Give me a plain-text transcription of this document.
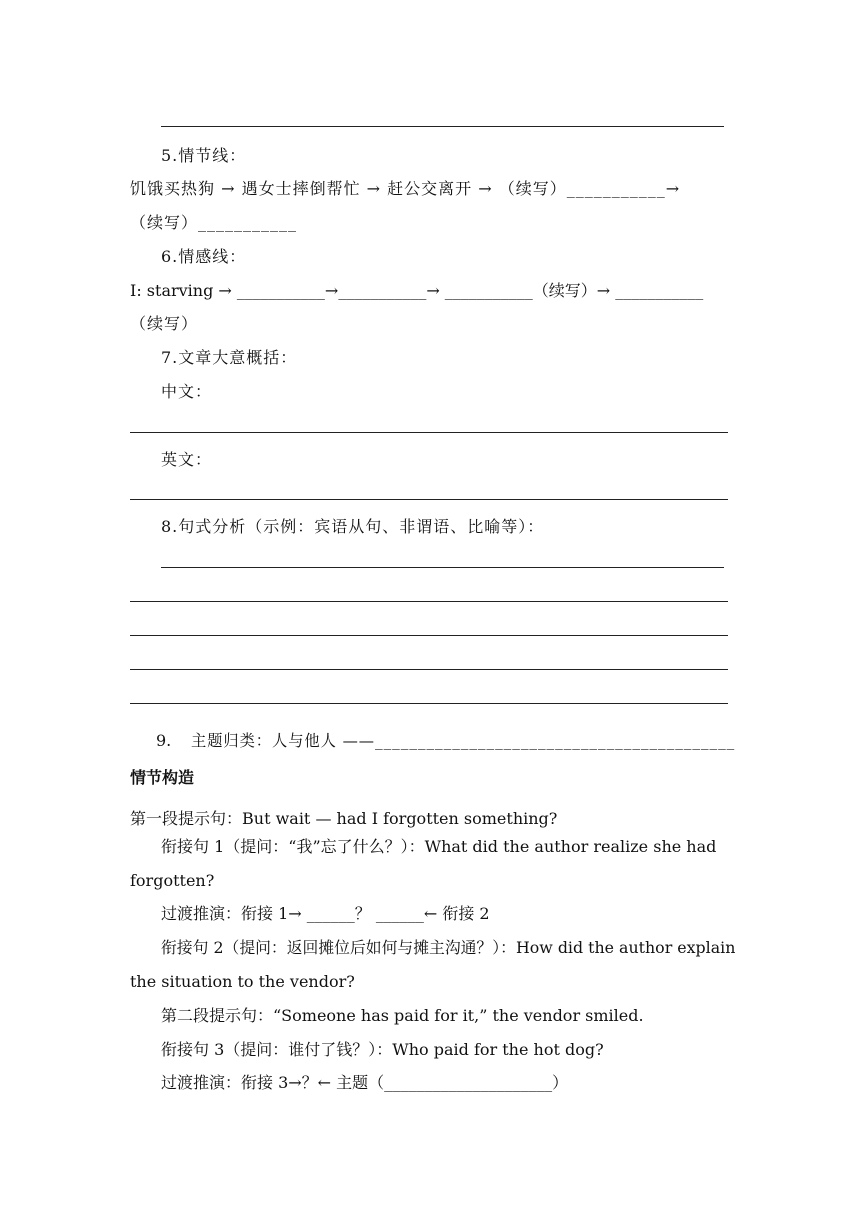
5.情节线：
饥饿买热狗 → 遇女士摔倒帮忙 → 赶公交离开 → （续写）___________→
（续写）___________
6.情感线：
I: starving → ___________→___________→ ___________（续写）→ ___________
（续写）
7.文章大意概括：
中文：
英文：
8.句式分析（示例：宾语从句、非谓语、比喻等）：
9. 主题归类：人与他人 ——__________________________________________
情节构造
第一段提示句：But wait — had I forgotten something?
衔接句 1（提问：“我”忘了什么？）：What did the author realize she had
forgotten?
过渡推演：衔接 1→ ______？ ______← 衔接 2
衔接句 2（提问：返回摊位后如何与摊主沟通？）：How did the author explain
the situation to the vendor?
第二段提示句：“Someone has paid for it,” the vendor smiled.
衔接句 3（提问：谁付了钱？）：Who paid for the hot dog?
过渡推演：衔接 3→？← 主题（_____________________）
